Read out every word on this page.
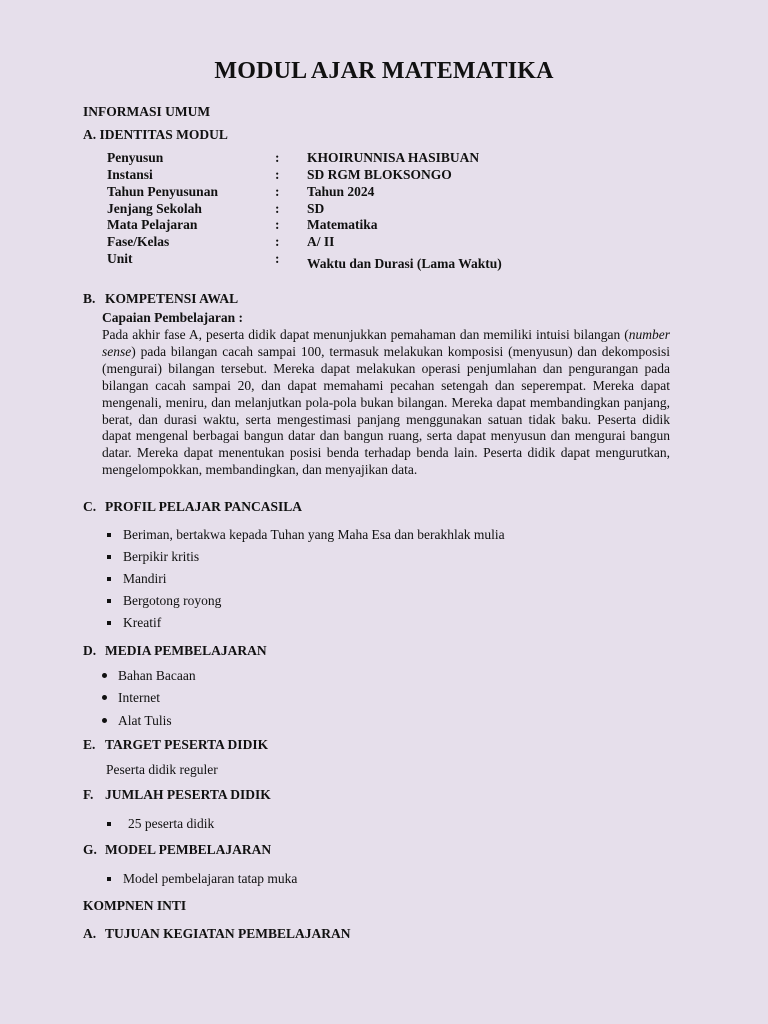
MODUL AJAR MATEMATIKA
INFORMASI UMUM
A. IDENTITAS MODUL
Penyusun	: KHOIRUNNISA HASIBUAN
Instansi	: SD RGM BLOKSONGO
Tahun Penyusunan	: Tahun 2024
Jenjang Sekolah	: SD
Mata Pelajaran	: Matematika
Fase/Kelas	: A/ II
Unit	: Waktu dan Durasi (Lama Waktu)
B. KOMPETENSI AWAL
Capaian Pembelajaran :
Pada akhir fase A, peserta didik dapat menunjukkan pemahaman dan memiliki intuisi bilangan (number sense) pada bilangan cacah sampai 100, termasuk melakukan komposisi (menyusun) dan dekomposisi (mengurai) bilangan tersebut. Mereka dapat melakukan operasi penjumlahan dan pengurangan pada bilangan cacah sampai 20, dan dapat memahami pecahan setengah dan seperempat. Mereka dapat mengenali, meniru, dan melanjutkan pola-pola bukan bilangan. Mereka dapat membandingkan panjang, berat, dan durasi waktu, serta mengestimasi panjang menggunakan satuan tidak baku. Peserta didik dapat mengenal berbagai bangun datar dan bangun ruang, serta dapat menyusun dan mengurai bangun datar. Mereka dapat menentukan posisi benda terhadap benda lain. Peserta didik dapat mengurutkan, mengelompokkan, membandingkan, dan menyajikan data.
C. PROFIL PELAJAR PANCASILA
Beriman, bertakwa kepada Tuhan yang Maha Esa dan berakhlak mulia
Berpikir kritis
Mandiri
Bergotong royong
Kreatif
D. MEDIA PEMBELAJARAN
Bahan Bacaan
Internet
Alat Tulis
E. TARGET PESERTA DIDIK
Peserta didik reguler
F. JUMLAH PESERTA DIDIK
25 peserta didik
G. MODEL PEMBELAJARAN
Model pembelajaran tatap muka
KOMPNEN INTI
A. TUJUAN KEGIATAN PEMBELAJARAN
